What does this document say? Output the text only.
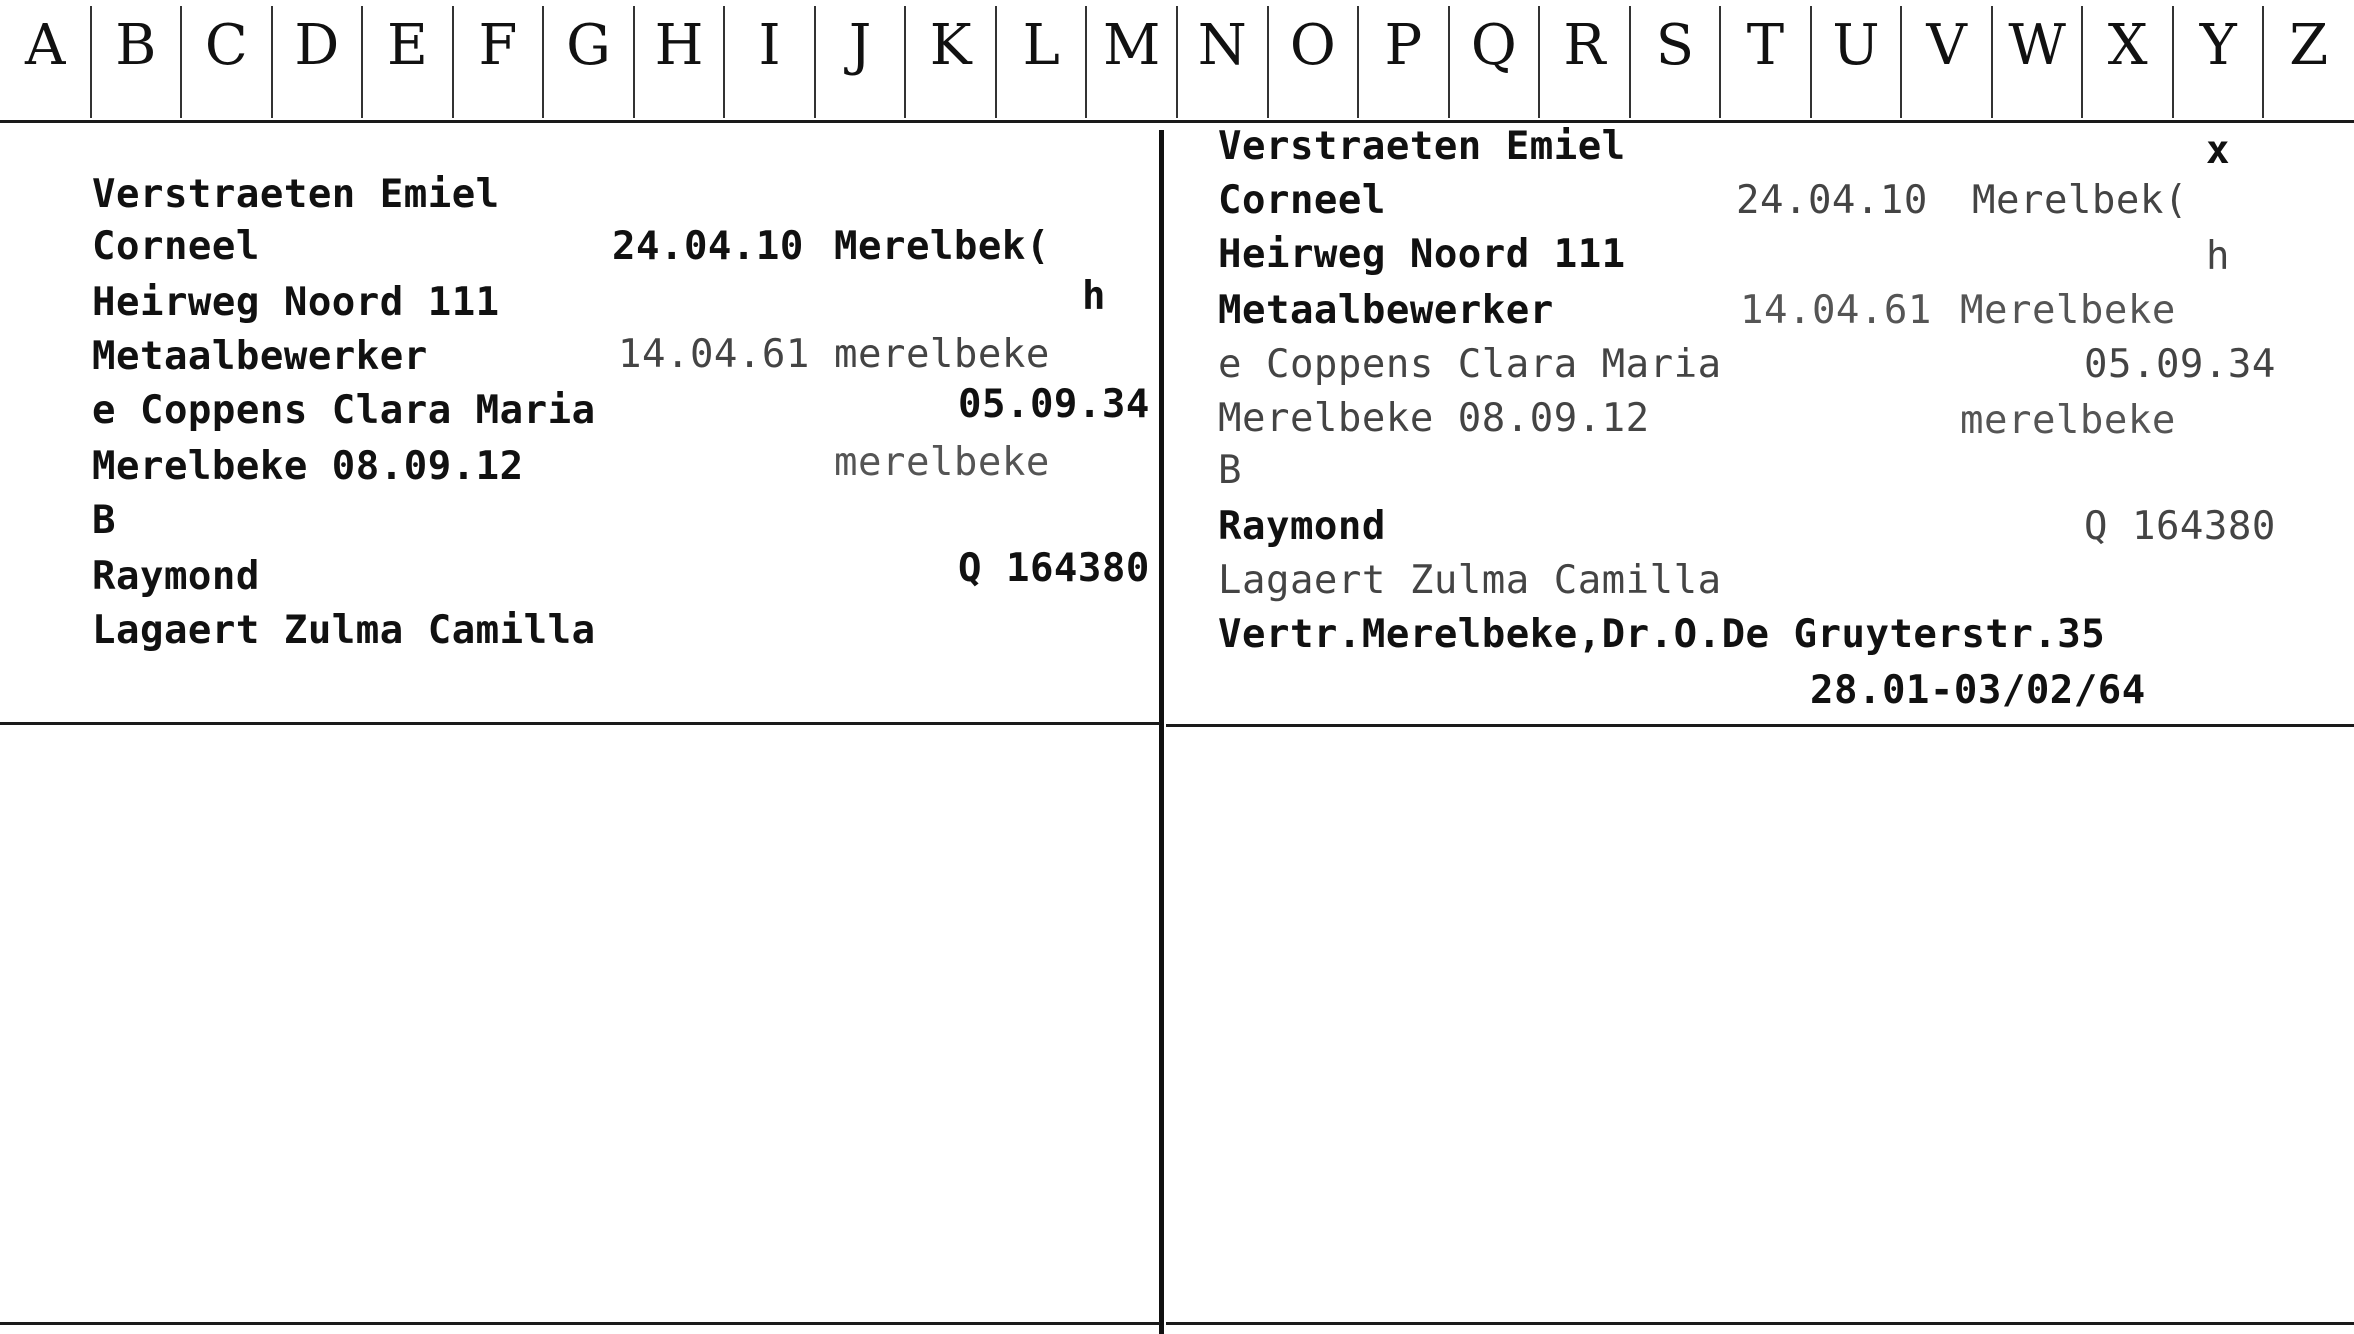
A B C D E F G H I	J	K L M N O P Q R S T U V W X Y Z
Verstraeten Emiel
Corneel	24.04.10 Merelbek(
Heirweg Noord 111	h
Metaalbewerker	14.04.61 merelbeke
e Coppens Clara Maria	05.09.34
Merelbeke 08.09.12	merelbeke
B
Raymond	Q 164380
Lagaert Zulma Camilla
Verstraeten Emiel	x
Corneel	24.04.10 Merelbek(
Heirweg Noord 111	h
Metaalbewerker	14.04.61 Merelbeke
e Coppens Clara Maria	05.09.34
Merelbeke 08.09.12	merelbeke
B
Raymond	Q 164380
Lagaert Zulma Camilla
Vertr.Merelbeke,Dr.O.De Gruyterstr.35
28.01-03/02/64
